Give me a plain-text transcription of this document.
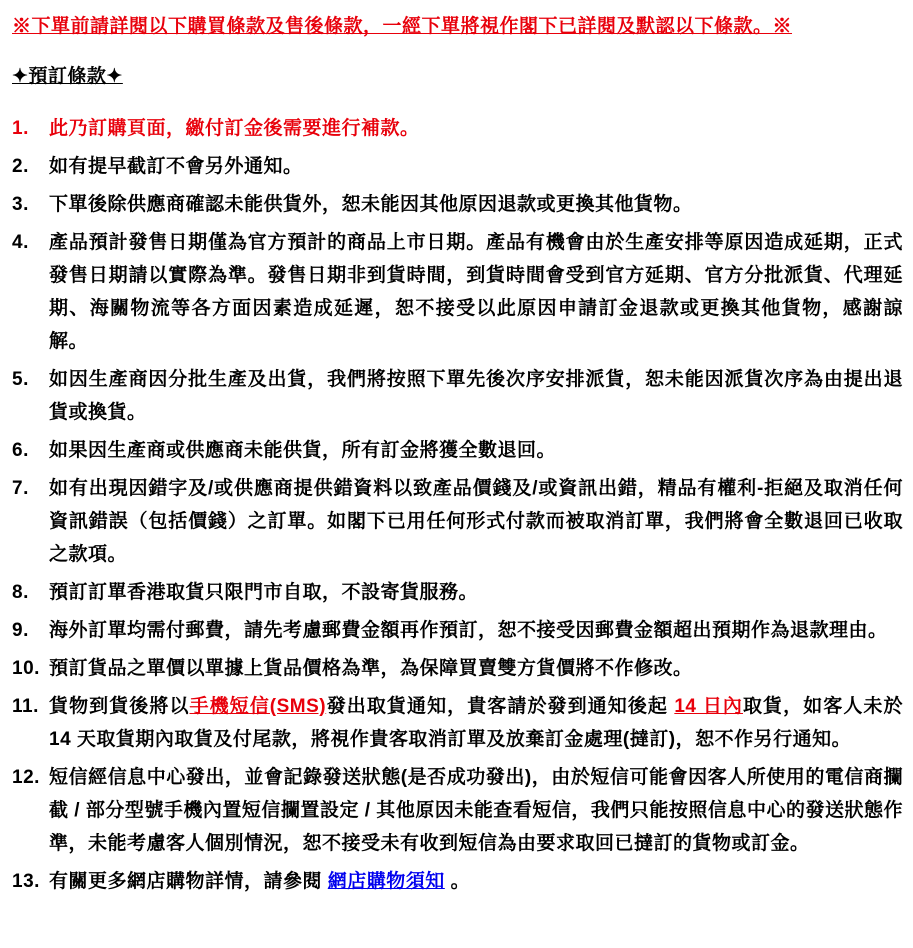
※下單前請詳閱以下購買條款及售後條款，一經下單將視作閣下已詳閱及默認以下條款。※
✦預訂條款✦
1.	此乃訂購頁面，繳付訂金後需要進行補款。
2.	如有提早截訂不會另外通知。
3.	下單後除供應商確認未能供貨外，恕未能因其他原因退款或更換其他貨物。
4.	產品預計發售日期僅為官方預計的商品上市日期。產品有機會由於生產安排等原因造成延期，正式發售日期請以實際為準。發售日期非到貨時間，到貨時間會受到官方延期、官方分批派貨、代理延期、海關物流等各方面因素造成延遲，恕不接受以此原因申請訂金退款或更換其他貨物，感謝諒解。
5.	如因生產商因分批生產及出貨，我們將按照下單先後次序安排派貨，恕未能因派貨次序為由提出退貨或換貨。
6.	如果因生產商或供應商未能供貨，所有訂金將獲全數退回。
7.	如有出現因錯字及/或供應商提供錯資料以致產品價錢及/或資訊出錯，精品有權利-拒絕及取消任何資訊錯誤（包括價錢）之訂單。如閣下已用任何形式付款而被取消訂單，我們將會全數退回已收取之款項。
8.	預訂訂單香港取貨只限門市自取，不設寄貨服務。
9.	海外訂單均需付郵費，請先考慮郵費金額再作預訂，恕不接受因郵費金額超出預期作為退款理由。
10. 預訂貨品之單價以單據上貨品價格為準，為保障買賣雙方貨價將不作修改。
11. 貨物到貨後將以手機短信(SMS)發出取貨通知，貴客請於發到通知後起 14 日內取貨，如客人未於 14 天取貨期內取貨及付尾款，將視作貴客取消訂單及放棄訂金處理(撻訂)，恕不作另行通知。
12. 短信經信息中心發出，並會記錄發送狀態(是否成功發出)，由於短信可能會因客人所使用的電信商攔截 / 部分型號手機內置短信攔置設定 / 其他原因未能查看短信，我們只能按照信息中心的發送狀態作準，未能考慮客人個別情況，恕不接受未有收到短信為由要求取回已撻訂的貨物或訂金。
13. 有關更多網店購物詳情，請參閱 網店購物須知 。
